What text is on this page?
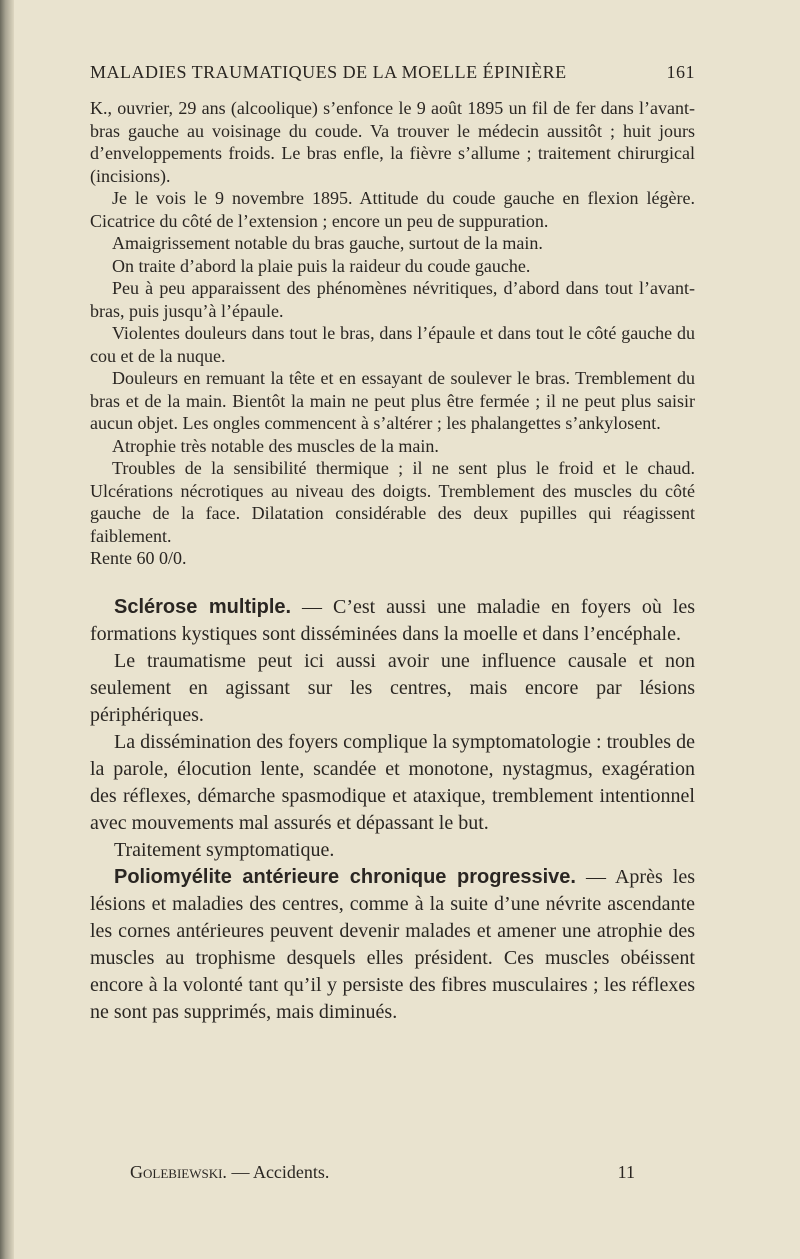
MALADIES TRAUMATIQUES DE LA MOELLE ÉPINIÈRE	161

K., ouvrier, 29 ans (alcoolique) s’enfonce le 9 août 1895 un fil de fer dans l’avant-bras gauche au voisinage du coude. Va trouver le médecin aussitôt ; huit jours d’enveloppements froids. Le bras enfle, la fièvre s’allume ; traitement chirurgical (incisions).

Je le vois le 9 novembre 1895. Attitude du coude gauche en flexion légère. Cicatrice du côté de l’extension ; encore un peu de suppuration.

Amaigrissement notable du bras gauche, surtout de la main.

On traite d’abord la plaie puis la raideur du coude gauche.

Peu à peu apparaissent des phénomènes névritiques, d’abord dans tout l’avant-bras, puis jusqu’à l’épaule.

Violentes douleurs dans tout le bras, dans l’épaule et dans tout le côté gauche du cou et de la nuque.

Douleurs en remuant la tête et en essayant de soulever le bras. Tremblement du bras et de la main. Bientôt la main ne peut plus être fermée ; il ne peut plus saisir aucun objet. Les ongles commencent à s’altérer ; les phalangettes s’ankylosent.

Atrophie très notable des muscles de la main.

Troubles de la sensibilité thermique ; il ne sent plus le froid et le chaud. Ulcérations nécrotiques au niveau des doigts. Tremblement des muscles du côté gauche de la face. Dilatation considérable des deux pupilles qui réagissent faiblement.

Rente 60 0/0.

Sclérose multiple. — C’est aussi une maladie en foyers où les formations kystiques sont disséminées dans la moelle et dans l’encéphale.

Le traumatisme peut ici aussi avoir une influence causale et non seulement en agissant sur les centres, mais encore par lésions périphériques.

La dissémination des foyers complique la symptomatologie : troubles de la parole, élocution lente, scandée et monotone, nystagmus, exagération des réflexes, démarche spasmodique et ataxique, tremblement intentionnel avec mouvements mal assurés et dépassant le but.

Traitement symptomatique.

Poliomyélite antérieure chronique progressive. — Après les lésions et maladies des centres, comme à la suite d’une névrite ascendante les cornes antérieures peuvent devenir malades et amener une atrophie des muscles au trophisme desquels elles président. Ces muscles obéissent encore à la volonté tant qu’il y persiste des fibres musculaires ; les réflexes ne sont pas supprimés, mais diminués.

Golebiewski. — Accidents.	11
